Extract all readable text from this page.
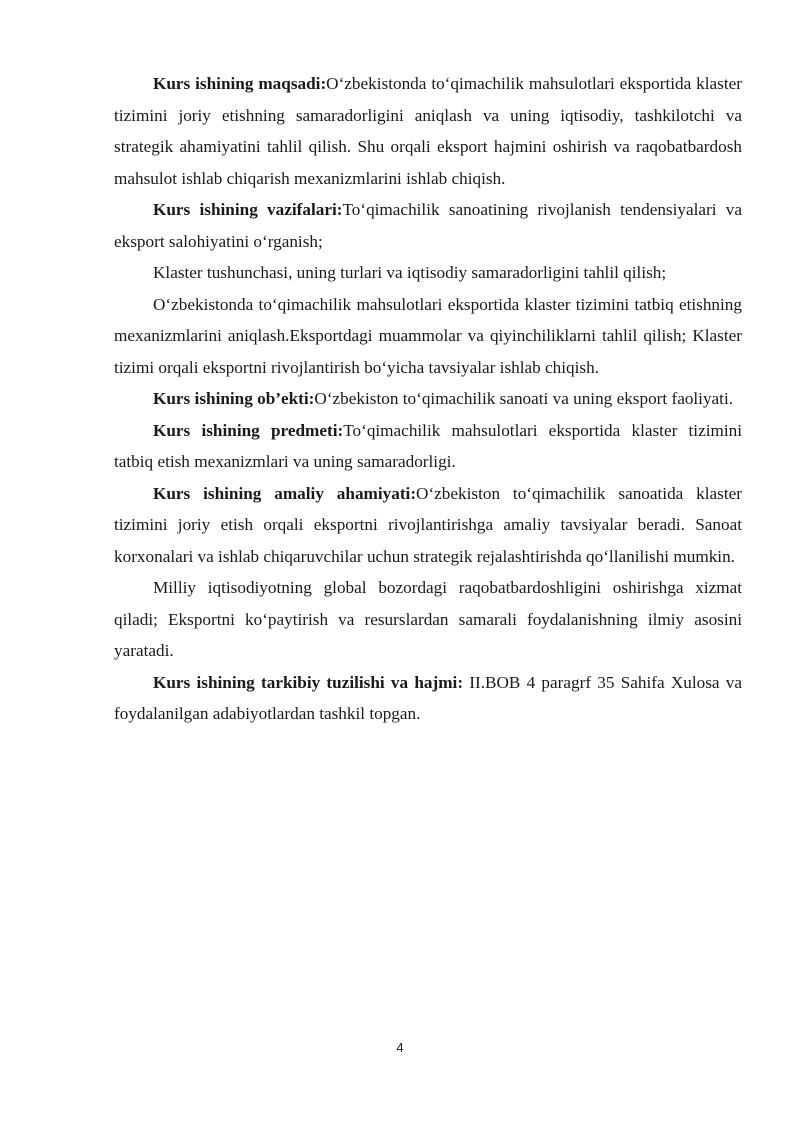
Kurs ishining maqsadi:O‘zbekistonda to‘qimachilik mahsulotlari eksportida klaster tizimini joriy etishning samaradorligini aniqlash va uning iqtisodiy, tashkilotchi va strategik ahamiyatini tahlil qilish. Shu orqali eksport hajmini oshirish va raqobatbardosh mahsulot ishlab chiqarish mexanizmlarini ishlab chiqish.

Kurs ishining vazifalari:To‘qimachilik sanoatining rivojlanish tendensiyalari va eksport salohiyatini o‘rganish;

Klaster tushunchasi, uning turlari va iqtisodiy samaradorligini tahlil qilish;

O‘zbekistonda to‘qimachilik mahsulotlari eksportida klaster tizimini tatbiq etishning mexanizmlarini aniqlash.Eksportdagi muammolar va qiyinchiliklarni tahlil qilish; Klaster tizimi orqali eksportni rivojlantirish bo‘yicha tavsiyalar ishlab chiqish.

Kurs ishining ob’ekti:O‘zbekiston to‘qimachilik sanoati va uning eksport faoliyati.

Kurs ishining predmeti:To‘qimachilik mahsulotlari eksportida klaster tizimini tatbiq etish mexanizmlari va uning samaradorligi.

Kurs ishining amaliy ahamiyati:O‘zbekiston to‘qimachilik sanoatida klaster tizimini joriy etish orqali eksportni rivojlantirishga amaliy tavsiyalar beradi. Sanoat korxonalari va ishlab chiqaruvchilar uchun strategik rejalashtirishda qo‘llanilishi mumkin.

Milliy iqtisodiyotning global bozordagi raqobatbardoshligini oshirishga xizmat qiladi; Eksportni ko‘paytirish va resurslardan samarali foydalanishning ilmiy asosini yaratadi.

Kurs ishining tarkibiy tuzilishi va hajmi: II.BOB 4 paragrf 35 Sahifa Xulosa va foydalanilgan adabiyotlardan tashkil topgan.

4
